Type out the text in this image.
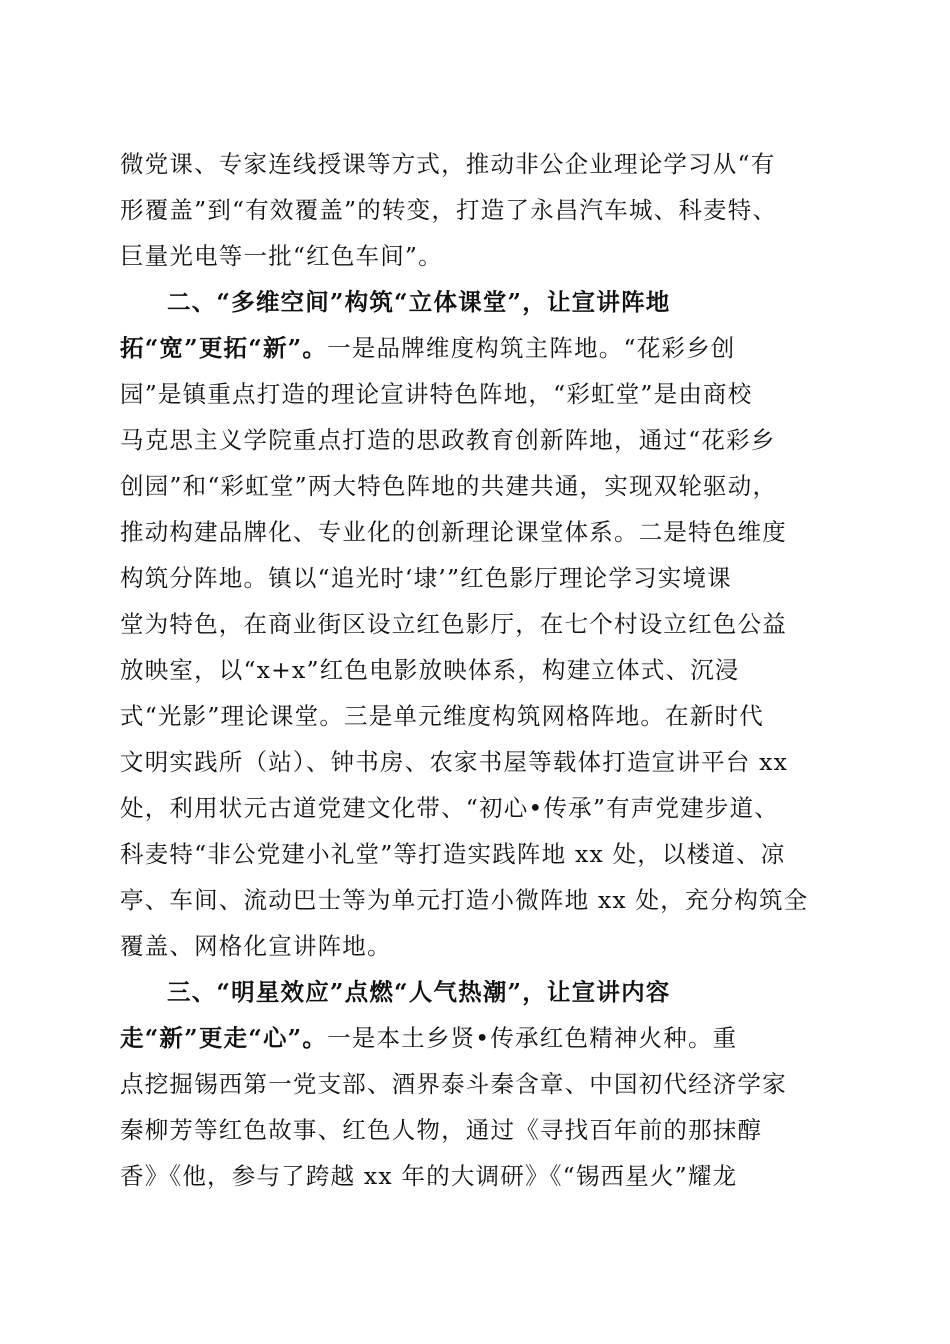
微党课、专家连线授课等方式，推动非公企业理论学习从“有
形覆盖”到“有效覆盖”的转变，打造了永昌汽车城、科麦特、
巨量光电等一批“红色车间”。
二、“多维空间”构筑“立体课堂”，让宣讲阵地
拓“宽”更拓“新”。一是品牌维度构筑主阵地。“花彩乡创
园”是镇重点打造的理论宣讲特色阵地，“彩虹堂”是由商校
马克思主义学院重点打造的思政教育创新阵地，通过“花彩乡
创园”和“彩虹堂”两大特色阵地的共建共通，实现双轮驱动，
推动构建品牌化、专业化的创新理论课堂体系。二是特色维度
构筑分阵地。镇以“追光时‘埭’”红色影厅理论学习实境课
堂为特色，在商业街区设立红色影厅，在七个村设立红色公益
放映室，以“x+x”红色电影放映体系，构建立体式、沉浸
式“光影”理论课堂。三是单元维度构筑网格阵地。在新时代
文明实践所（站）、钟书房、农家书屋等载体打造宣讲平台 xx
处，利用状元古道党建文化带、“初心•传承”有声党建步道、
科麦特“非公党建小礼堂”等打造实践阵地 xx 处，以楼道、凉
亭、车间、流动巴士等为单元打造小微阵地 xx 处，充分构筑全
覆盖、网格化宣讲阵地。
三、“明星效应”点燃“人气热潮”，让宣讲内容
走“新”更走“心”。一是本土乡贤•传承红色精神火种。重
点挖掘锡西第一党支部、酒界泰斗秦含章、中国初代经济学家
秦柳芳等红色故事、红色人物，通过《寻找百年前的那抹醇
香》《他，参与了跨越 xx 年的大调研》《“锡西星火”耀龙
